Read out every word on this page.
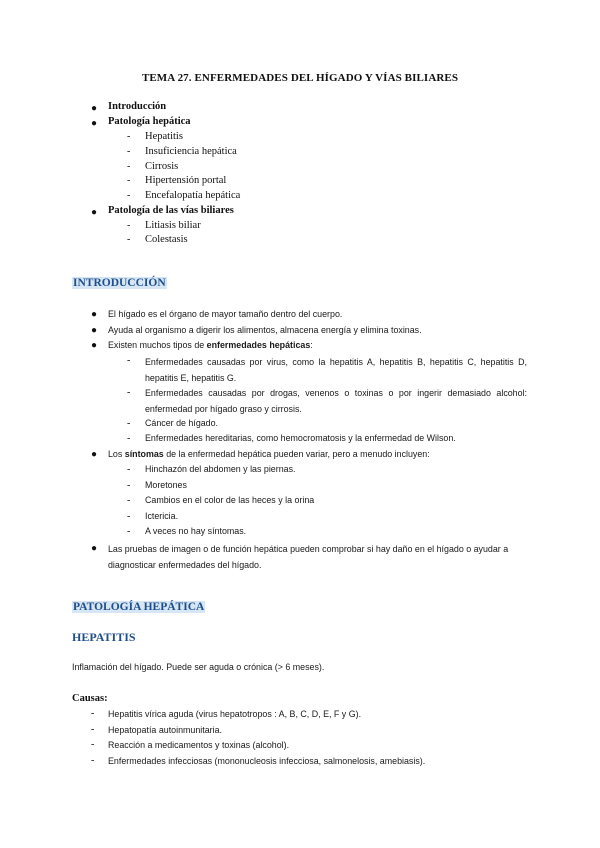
TEMA 27. ENFERMEDADES DEL HÍGADO Y VÍAS BILIARES
● Introducción
● Patología hepática
- Hepatitis
- Insuficiencia hepática
- Cirrosis
- Hipertensión portal
- Encefalopatía hepática
● Patología de las vías biliares
- Litiasis biliar
- Colestasis
INTRODUCCIÓN
● El hígado es el órgano de mayor tamaño dentro del cuerpo.
● Ayuda al organismo a digerir los alimentos, almacena energía y elimina toxinas.
● Existen muchos tipos de enfermedades hepáticas:
- Enfermedades causadas por virus, como la hepatitis A, hepatitis B, hepatitis C, hepatitis D, hepatitis E, hepatitis G.
- Enfermedades causadas por drogas, venenos o toxinas o por ingerir demasiado alcohol: enfermedad por hígado graso y cirrosis.
- Cáncer de hígado.
- Enfermedades hereditarias, como hemocromatosis y la enfermedad de Wilson.
● Los síntomas de la enfermedad hepática pueden variar, pero a menudo incluyen:
- Hinchazón del abdomen y las piernas.
- Moretones
- Cambios en el color de las heces y la orina
- Ictericia.
- A veces no hay síntomas.
● Las pruebas de imagen o de función hepática pueden comprobar si hay daño en el hígado o ayudar a diagnosticar enfermedades del hígado.
PATOLOGÍA HEPÁTICA
HEPATITIS
Inflamación del hígado. Puede ser aguda o crónica (> 6 meses).
Causas:
- Hepatitis vírica aguda (virus hepatotropos : A, B, C, D, E, F y G).
- Hepatopatía autoinmunitaria.
- Reacción a medicamentos y toxinas (alcohol).
- Enfermedades infecciosas (mononucleosis infecciosa, salmonelosis, amebiasis).
